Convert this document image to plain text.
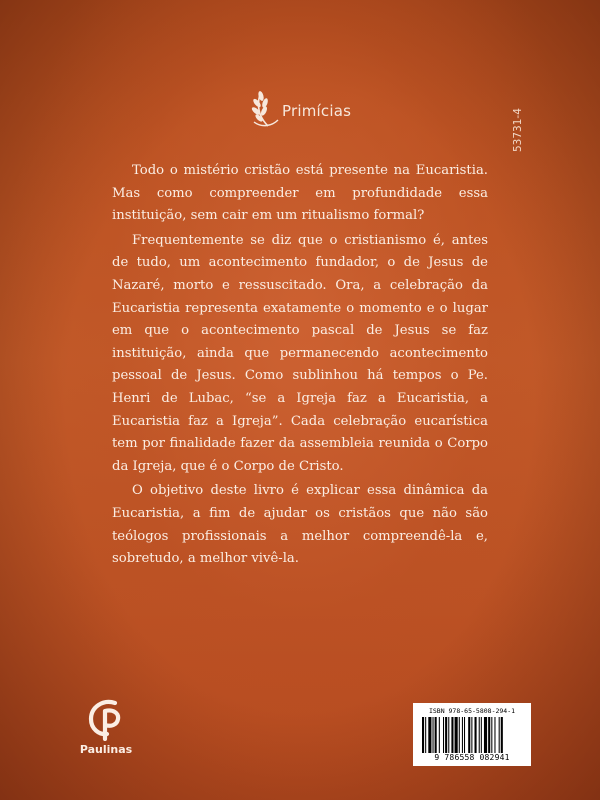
Primícias	53731-4

Todo o mistério cristão está presente na Eucaristia. Mas como compreender em profundidade essa instituição, sem cair em um ritualismo formal?

Frequentemente se diz que o cristianismo é, antes de tudo, um acontecimento fundador, o de Jesus de Nazaré, morto e ressuscitado. Ora, a celebração da Eucaristia representa exatamente o momento e o lugar em que o acontecimento pascal de Jesus se faz instituição, ainda que permanecendo acontecimento pessoal de Jesus. Como sublinhou há tempos o Pe. Henri de Lubac, “se a Igreja faz a Eucaristia, a Eucaristia faz a Igreja”. Cada celebração eucarística tem por finalidade fazer da assembleia reunida o Corpo da Igreja, que é o Corpo de Cristo.

O objetivo deste livro é explicar essa dinâmica da Eucaristia, a fim de ajudar os cristãos que não são teólogos profissionais a melhor compreendê-la e, sobretudo, a melhor vivê-la.

Paulinas
ISBN 978-65-5808-294-1
9 786558 082941
